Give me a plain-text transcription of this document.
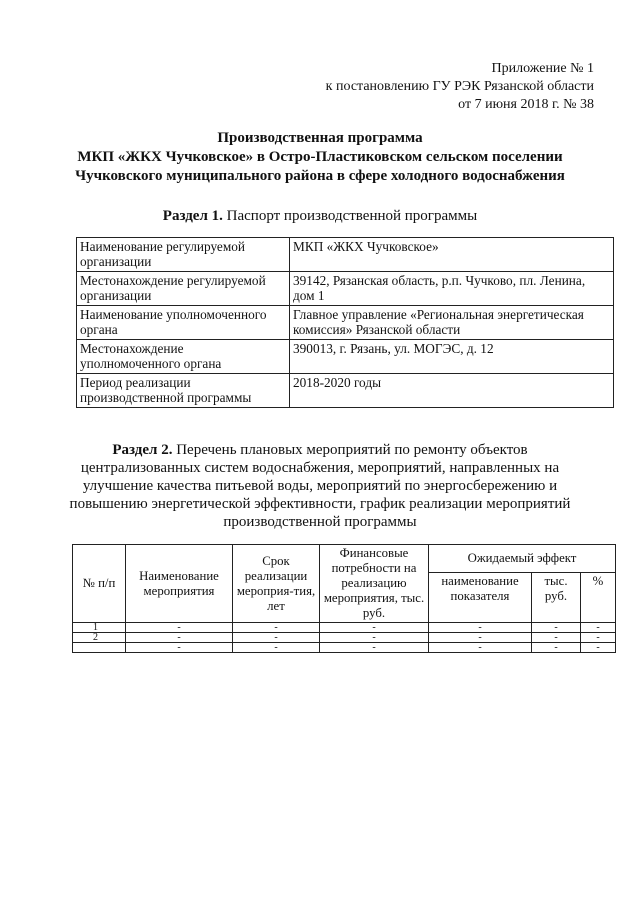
Приложение № 1
к постановлению ГУ РЭК Рязанской области
от 7 июня 2018 г. № 38
Производственная программа
МКП «ЖКХ Чучковское» в Остро-Пластиковском сельском поселении
Чучковского муниципального района в сфере холодного водоснабжения
Раздел 1. Паспорт производственной программы
Наименование регулируемой организации	МКП «ЖКХ Чучковское»
Местонахождение регулируемой организации	39142, Рязанская область, р.п. Чучково, пл. Ленина, дом 1
Наименование уполномоченного органа	Главное управление «Региональная энергетическая комиссия» Рязанской области
Местонахождение уполномоченного органа	390013, г. Рязань, ул. МОГЭС, д. 12
Период реализации производственной программы	2018-2020 годы
Раздел 2. Перечень плановых мероприятий по ремонту объектов централизованных систем водоснабжения, мероприятий, направленных на улучшение качества питьевой воды, мероприятий по энергосбережению и повышению энергетической эффективности, график реализации мероприятий производственной программы
№ п/п	Наименование мероприятия	Срок реализации мероприя-тия, лет	Финансовые потребности на реализацию мероприятия, тыс. руб.	Ожидаемый эффект		
				наименование показателя	тыс. руб.	%
1	-	-	-	-	-	-
2	-	-	-	-	-	-
	-	-	-	-	-	-
